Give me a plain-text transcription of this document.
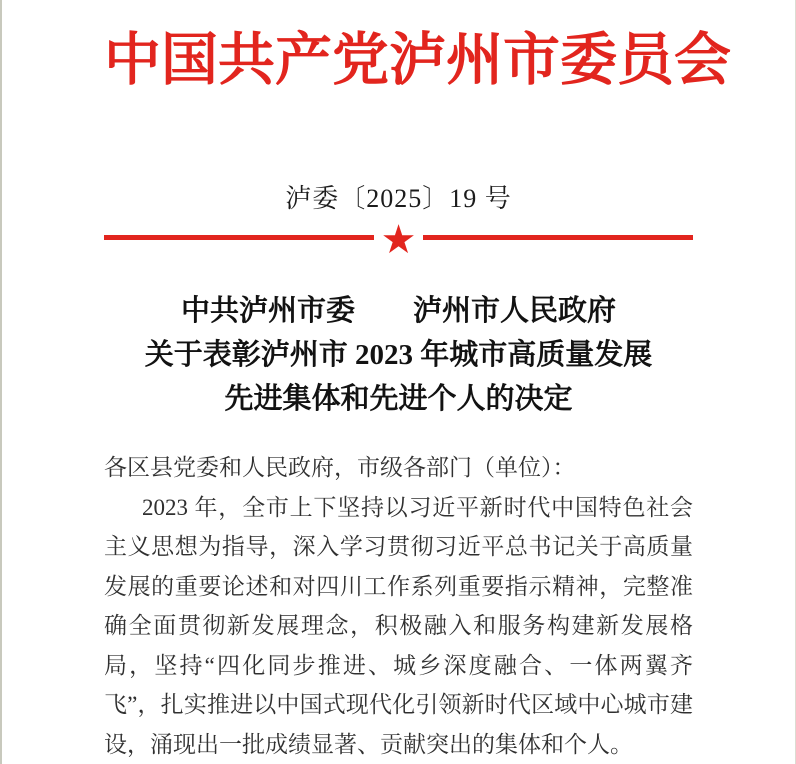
中国共产党泸州市委员会
泸委〔2025〕19 号
★
中共泸州市委　　泸州市人民政府
关于表彰泸州市 2023 年城市高质量发展
先进集体和先进个人的决定
各区县党委和人民政府，市级各部门（单位）：
2023 年，全市上下坚持以习近平新时代中国特色社会主义思想为指导，深入学习贯彻习近平总书记关于高质量发展的重要论述和对四川工作系列重要指示精神，完整准确全面贯彻新发展理念，积极融入和服务构建新发展格局，坚持“四化同步推进、城乡深度融合、一体两翼齐飞”，扎实推进以中国式现代化引领新时代区域中心城市建设，涌现出一批成绩显著、贡献突出的集体和个人。
